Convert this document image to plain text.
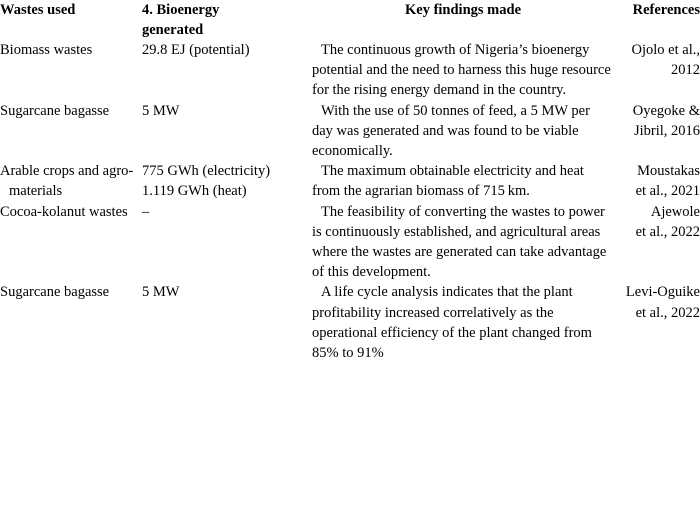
Wastes used	4. Bioenergy
generated	Key findings made	References

Biomass wastes	29.8 EJ (potential)	The continuous growth of Nigeria’s bioenergy potential and the need to harness this huge resource for the rising energy demand in the country.	Ojolo et al.,
2012

Sugarcane bagasse	5 MW	With the use of 50 tonnes of feed, a 5 MW per day was generated and was found to be viable economically.	Oyegoke &
Jibril, 2016

Arable crops and agro-materials	775 GWh (electricity)
1.119 GWh (heat)	The maximum obtainable electricity and heat from the agrarian biomass of 715 km.	Moustakas
et al., 2021

Cocoa-kolanut wastes	–	The feasibility of converting the wastes to power is continuously established, and agricultural areas where the wastes are generated can take advantage of this development.	Ajewole
et al., 2022

Sugarcane bagasse	5 MW	A life cycle analysis indicates that the plant profitability increased correlatively as the operational efficiency of the plant changed from 85% to 91%	Levi-Oguike
et al., 2022
